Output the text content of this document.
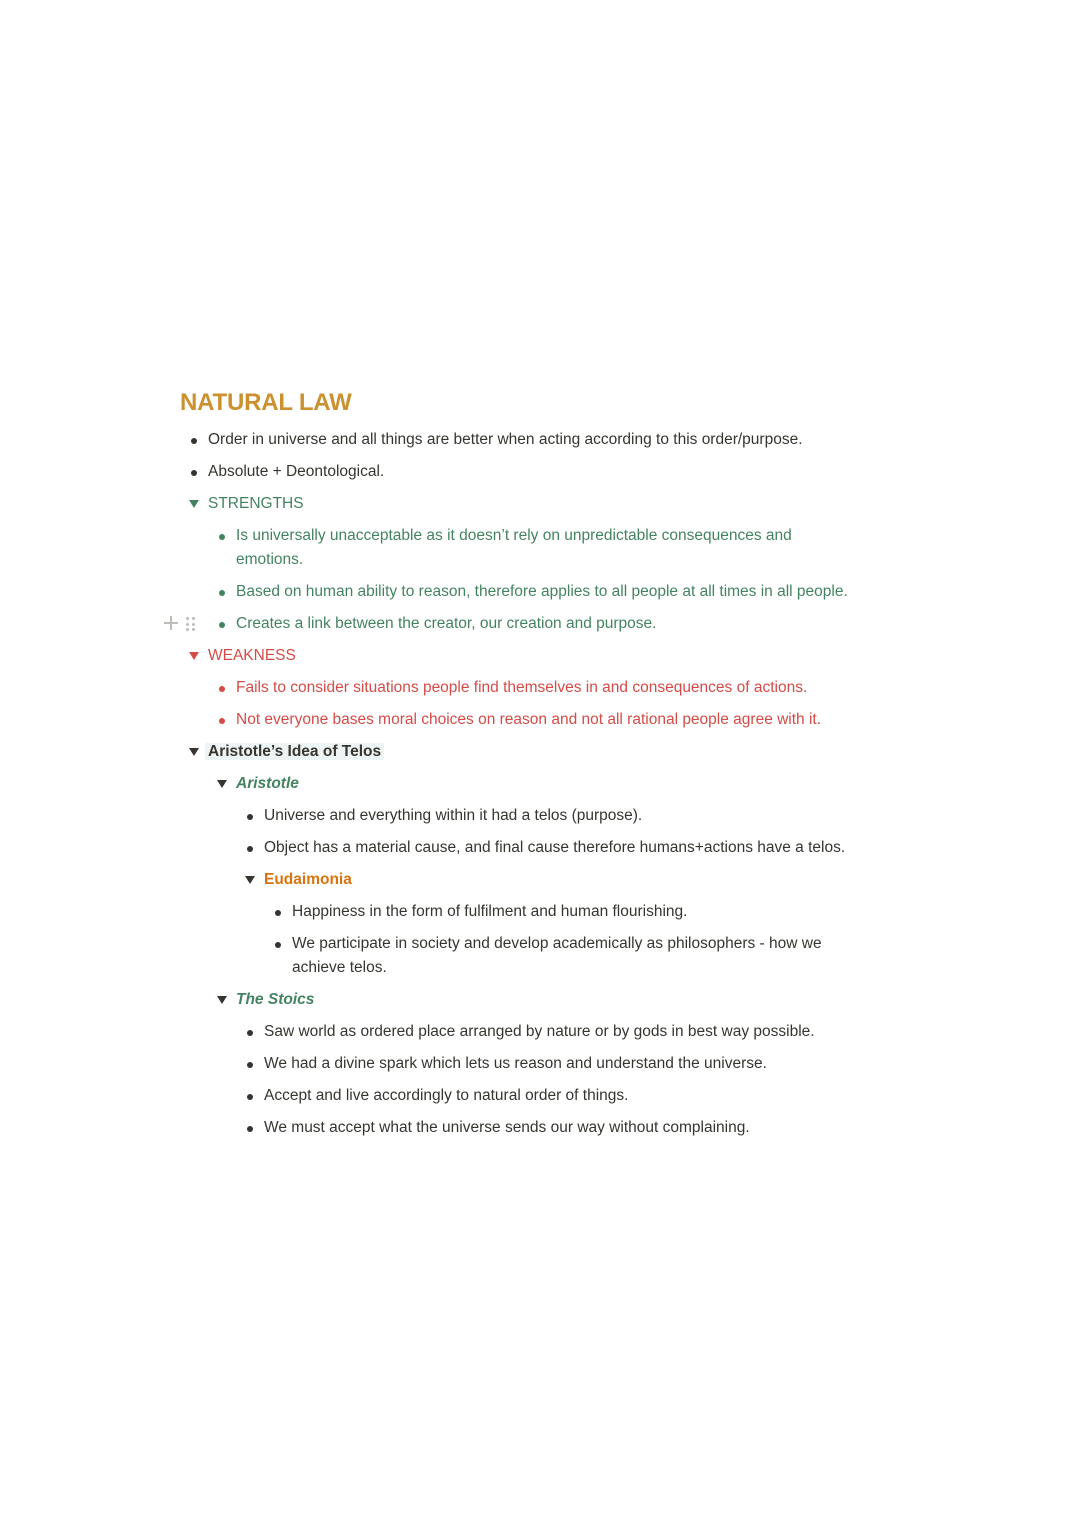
NATURAL LAW
Order in universe and all things are better when acting according to this order/purpose.
Absolute + Deontological.
STRENGTHS
Is universally unacceptable as it doesn’t rely on unpredictable consequences and emotions.
Based on human ability to reason, therefore applies to all people at all times in all people.
Creates a link between the creator, our creation and purpose.
WEAKNESS
Fails to consider situations people find themselves in and consequences of actions.
Not everyone bases moral choices on reason and not all rational people agree with it.
Aristotle’s Idea of Telos
Aristotle
Universe and everything within it had a telos (purpose).
Object has a material cause, and final cause therefore humans+actions have a telos.
Eudaimonia
Happiness in the form of fulfilment and human flourishing.
We participate in society and develop academically as philosophers - how we achieve telos.
The Stoics
Saw world as ordered place arranged by nature or by gods in best way possible.
We had a divine spark which lets us reason and understand the universe.
Accept and live accordingly to natural order of things.
We must accept what the universe sends our way without complaining.
